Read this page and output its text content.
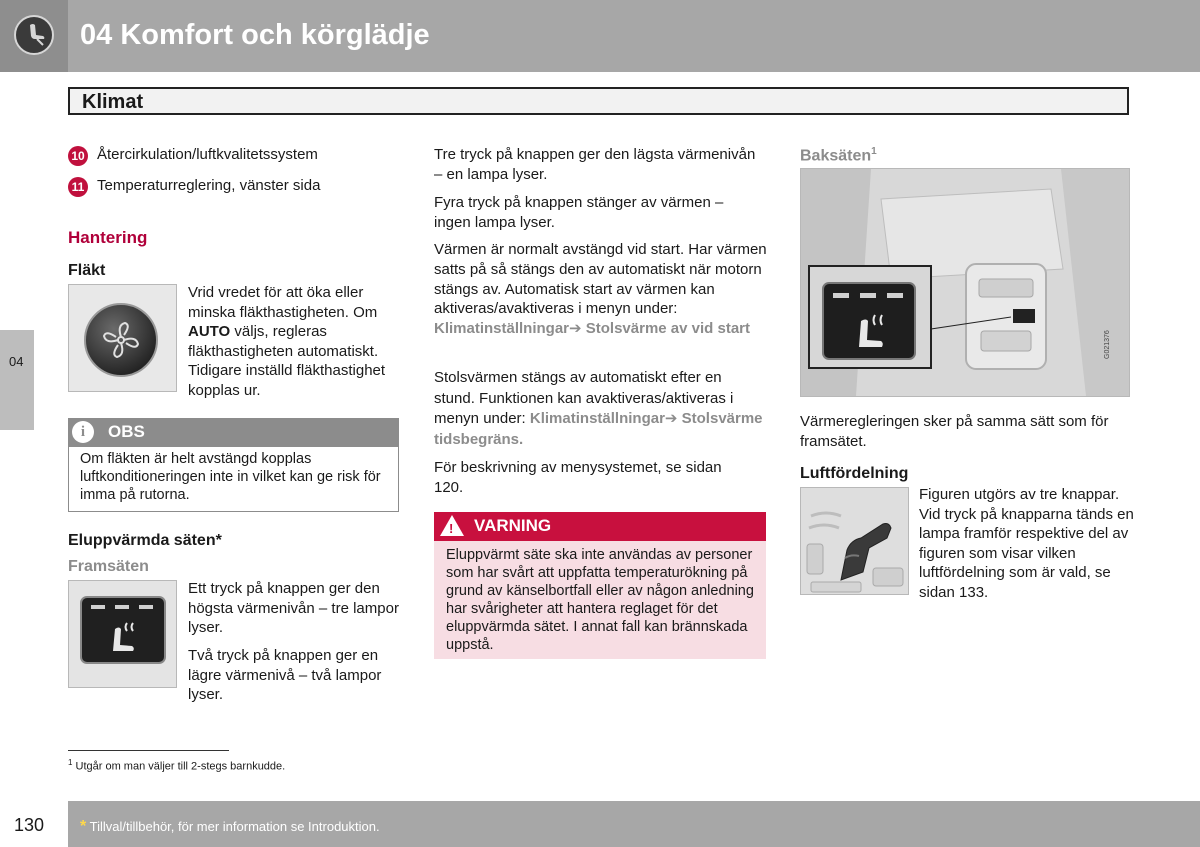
04 Komfort och körglädje
Klimat
04
10 Återcirkulation/luftkvalitetssystem
11 Temperaturreglering, vänster sida
Hantering
Fläkt
Vrid vredet för att öka eller minska fläkthastigheten. Om AUTO väljs, regleras fläkthastigheten automatiskt. Tidigare inställd fläkthastighet kopplas ur.
i	OBS
Om fläkten är helt avstängd kopplas luftkonditioneringen inte in vilket kan ge risk för imma på rutorna.
Eluppvärmda säten*
Framsäten
Ett tryck på knappen ger den högsta värmenivån – tre lampor lyser.
Två tryck på knappen ger en lägre värmenivå – två lampor lyser.
Tre tryck på knappen ger den lägsta värmenivån – en lampa lyser.
Fyra tryck på knappen stänger av värmen – ingen lampa lyser.
Värmen är normalt avstängd vid start. Har värmen satts på så stängs den av automatiskt när motorn stängs av. Automatisk start av värmen kan aktiveras/avaktiveras i menyn under: Klimatinställningar➔ Stolsvärme av vid start
Stolsvärmen stängs av automatiskt efter en stund. Funktionen kan avaktiveras/aktiveras i menyn under: Klimatinställningar➔ Stolsvärme tidsbegräns.
För beskrivning av menysystemet, se sidan 120.
! VARNING
Eluppvärmt säte ska inte användas av personer som har svårt att uppfatta temperaturökning på grund av känselbortfall eller av någon anledning har svårigheter att hantera reglaget för det eluppvärmda sätet. I annat fall kan brännskada uppstå.
Baksäten$^1$
G021376
Värmeregleringen sker på samma sätt som för framsätet.
Luftfördelning
Figuren utgörs av tre knappar. Vid tryck på knapparna tänds en lampa framför respektive del av figuren som visar vilken luftfördelning som är vald, se sidan 133.
$^1$ Utgår om man väljer till 2-stegs barnkudde.
130 * Tillval/tillbehör, för mer information se Introduktion.
